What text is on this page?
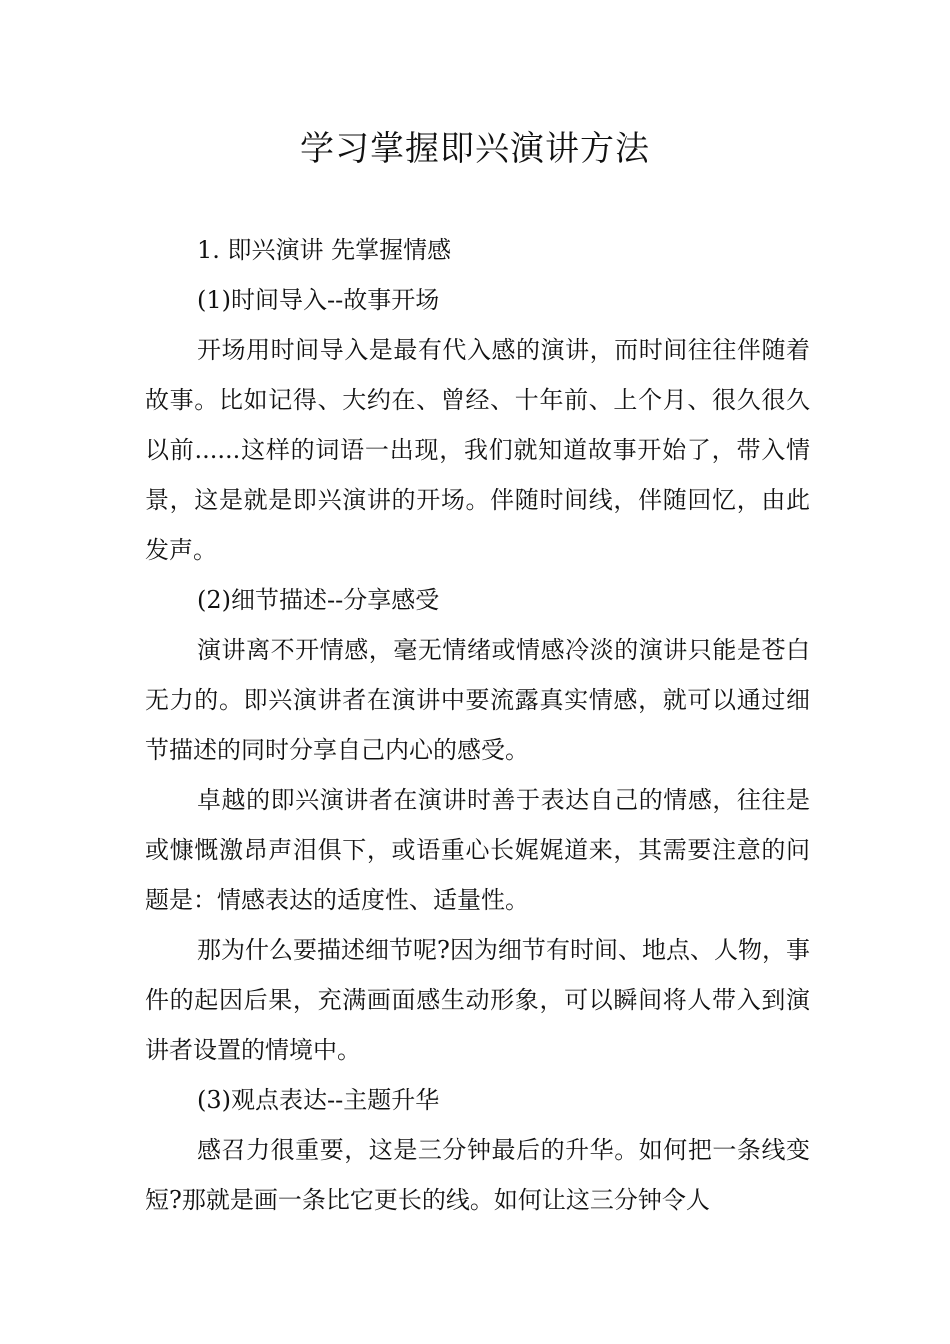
学习掌握即兴演讲方法

1. 即兴演讲 先掌握情感

(1)时间导入--故事开场

开场用时间导入是最有代入感的演讲，而时间往往伴随着故事。比如记得、大约在、曾经、十年前、上个月、很久很久以前......这样的词语一出现，我们就知道故事开始了，带入情景，这是就是即兴演讲的开场。伴随时间线，伴随回忆，由此发声。

(2)细节描述--分享感受

演讲离不开情感，毫无情绪或情感冷淡的演讲只能是苍白无力的。即兴演讲者在演讲中要流露真实情感，就可以通过细节描述的同时分享自己内心的感受。

卓越的即兴演讲者在演讲时善于表达自己的情感，往往是或慷慨激昂声泪俱下，或语重心长娓娓道来，其需要注意的问题是：情感表达的适度性、适量性。

那为什么要描述细节呢?因为细节有时间、地点、人物，事件的起因后果，充满画面感生动形象，可以瞬间将人带入到演讲者设置的情境中。

(3)观点表达--主题升华

感召力很重要，这是三分钟最后的升华。如何把一条线变短?那就是画一条比它更长的线。如何让这三分钟令人
